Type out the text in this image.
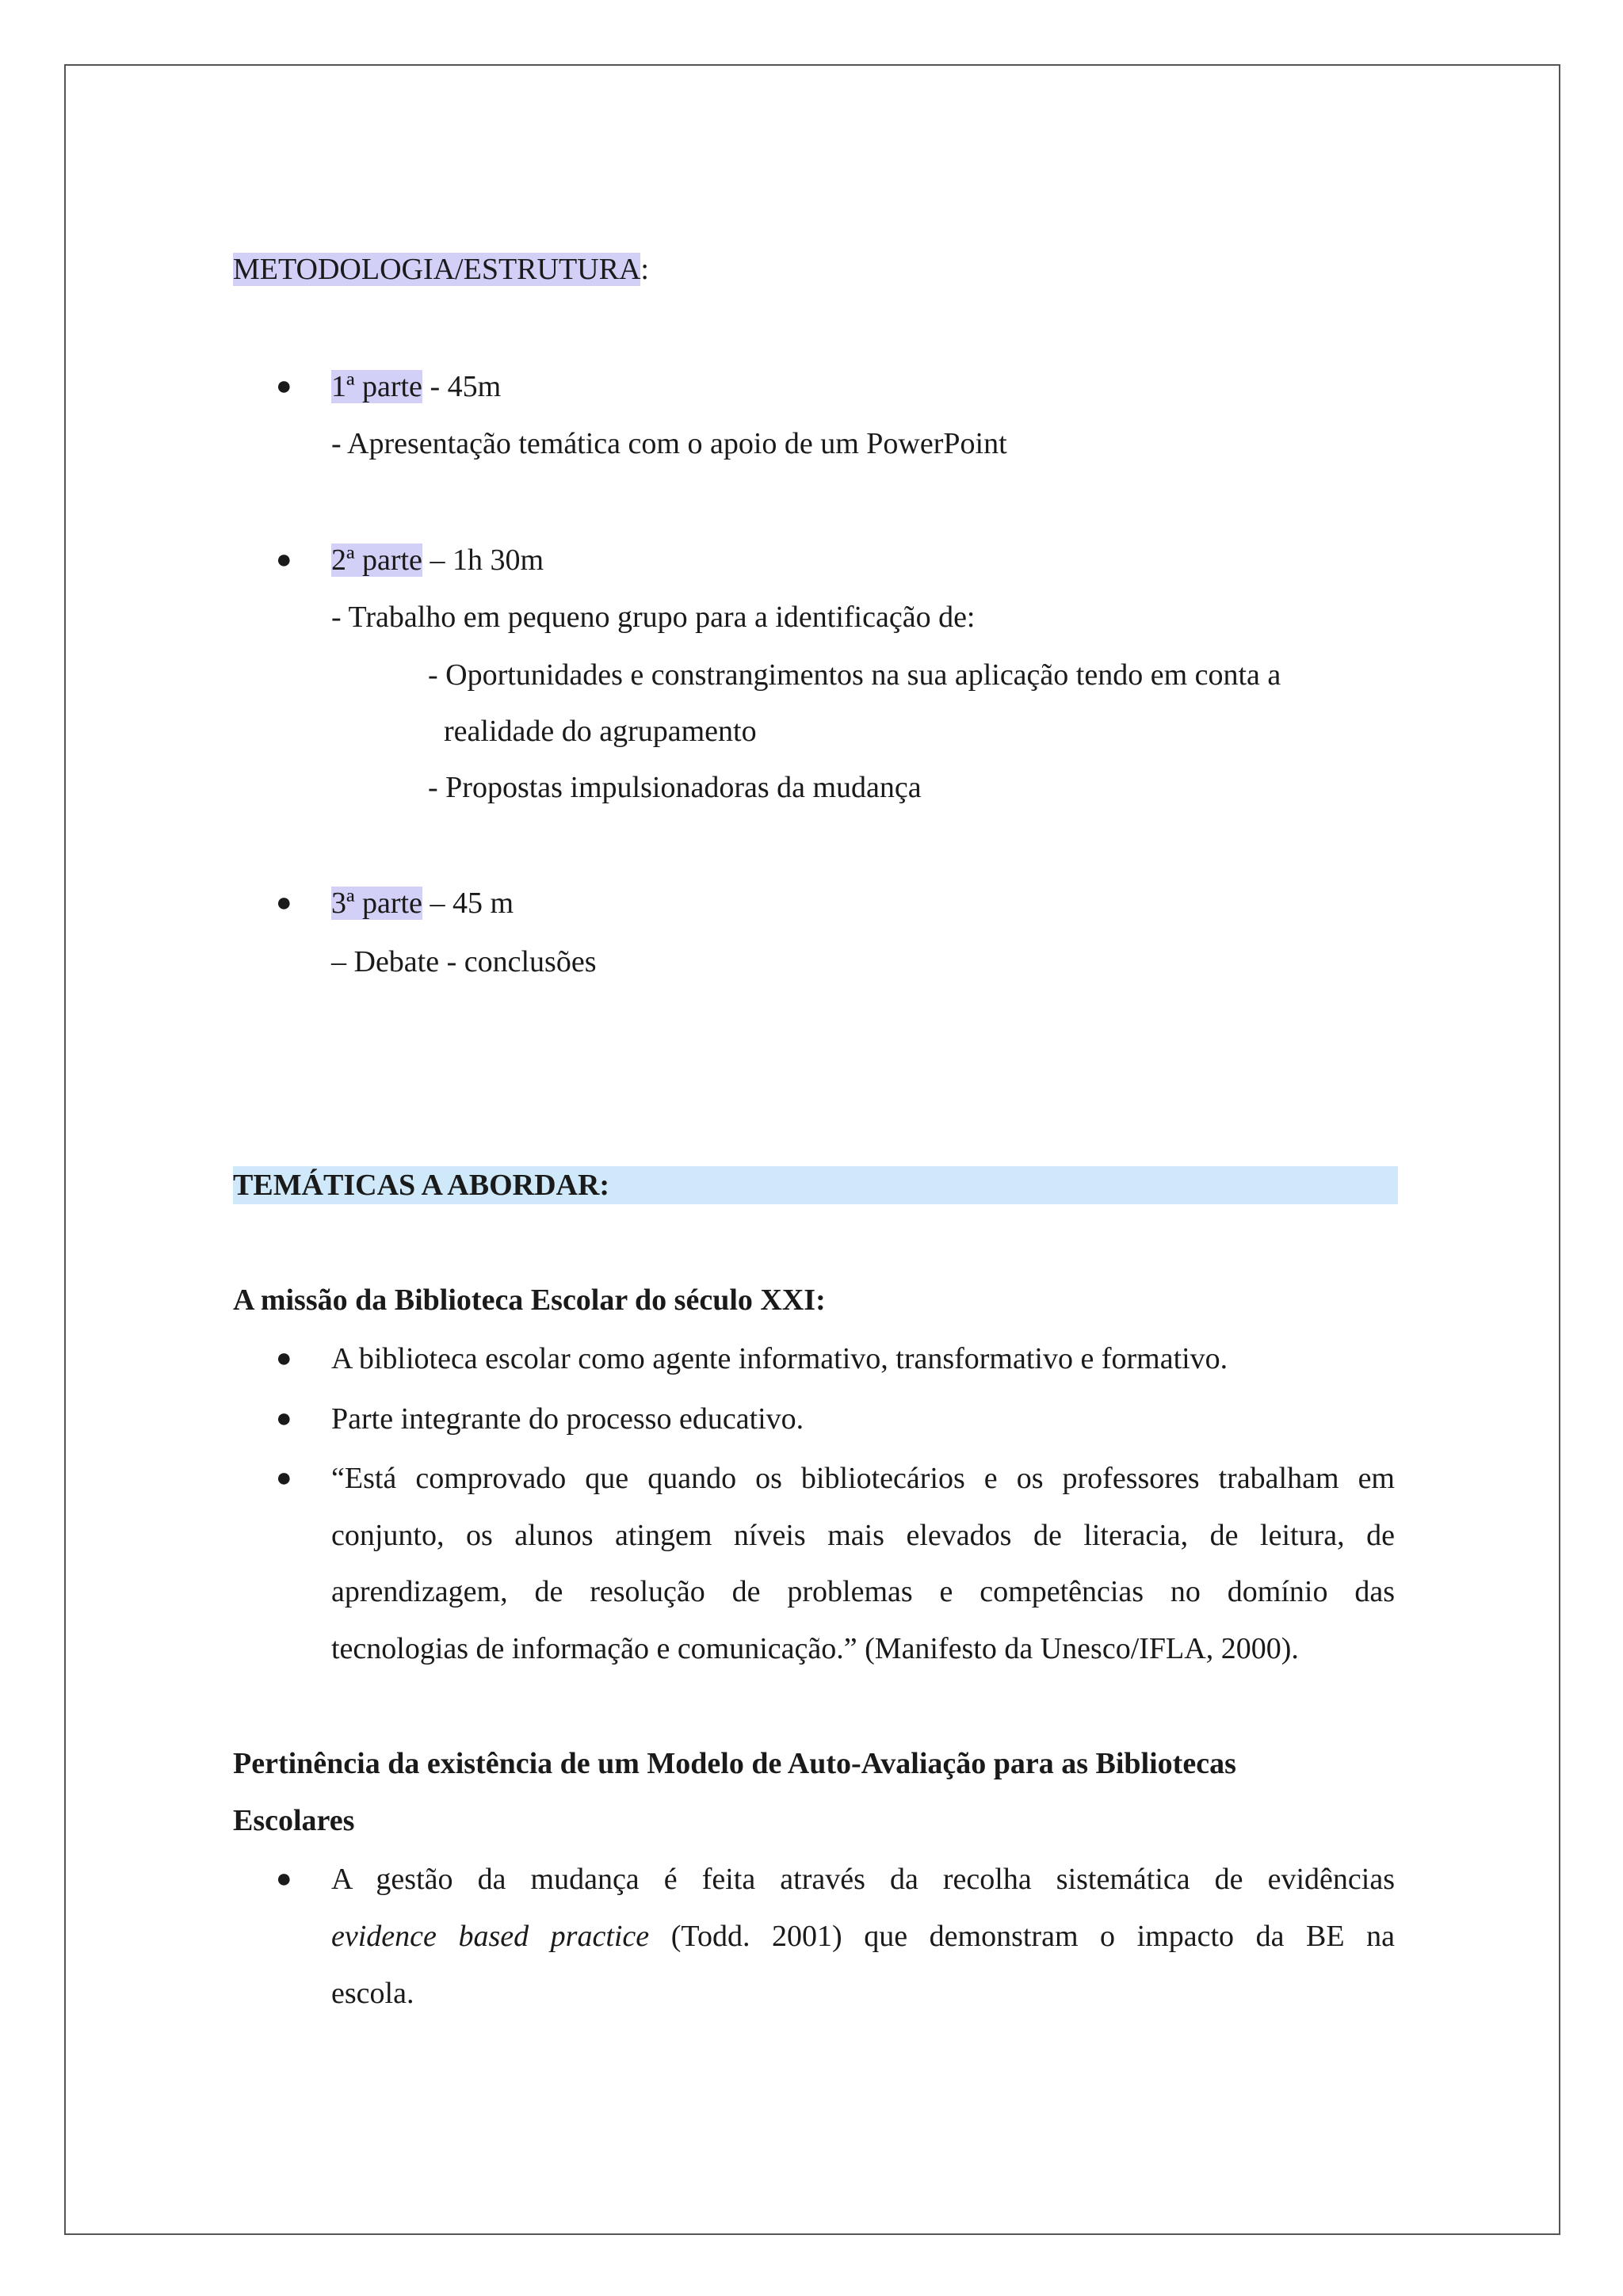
METODOLOGIA/ESTRUTURA:
● 1ª parte - 45m
- Apresentação temática com o apoio de um PowerPoint
● 2ª parte – 1h 30m
- Trabalho em pequeno grupo para a identificação de:
- Oportunidades e constrangimentos na sua aplicação tendo em conta a
realidade do agrupamento
- Propostas impulsionadoras da mudança
● 3ª parte – 45 m
– Debate - conclusões
TEMÁTICAS A ABORDAR:
A missão da Biblioteca Escolar do século XXI:
● A biblioteca escolar como agente informativo, transformativo e formativo.
● Parte integrante do processo educativo.
● “Está comprovado que quando os bibliotecários e os professores trabalham em
conjunto, os alunos atingem níveis mais elevados de literacia, de leitura, de
aprendizagem, de resolução de problemas e competências no domínio das
tecnologias de informação e comunicação.” (Manifesto da Unesco/IFLA, 2000).
Pertinência da existência de um Modelo de Auto-Avaliação para as Bibliotecas
Escolares
● A gestão da mudança é feita através da recolha sistemática de evidências
evidence based practice (Todd. 2001) que demonstram o impacto da BE na
escola.
